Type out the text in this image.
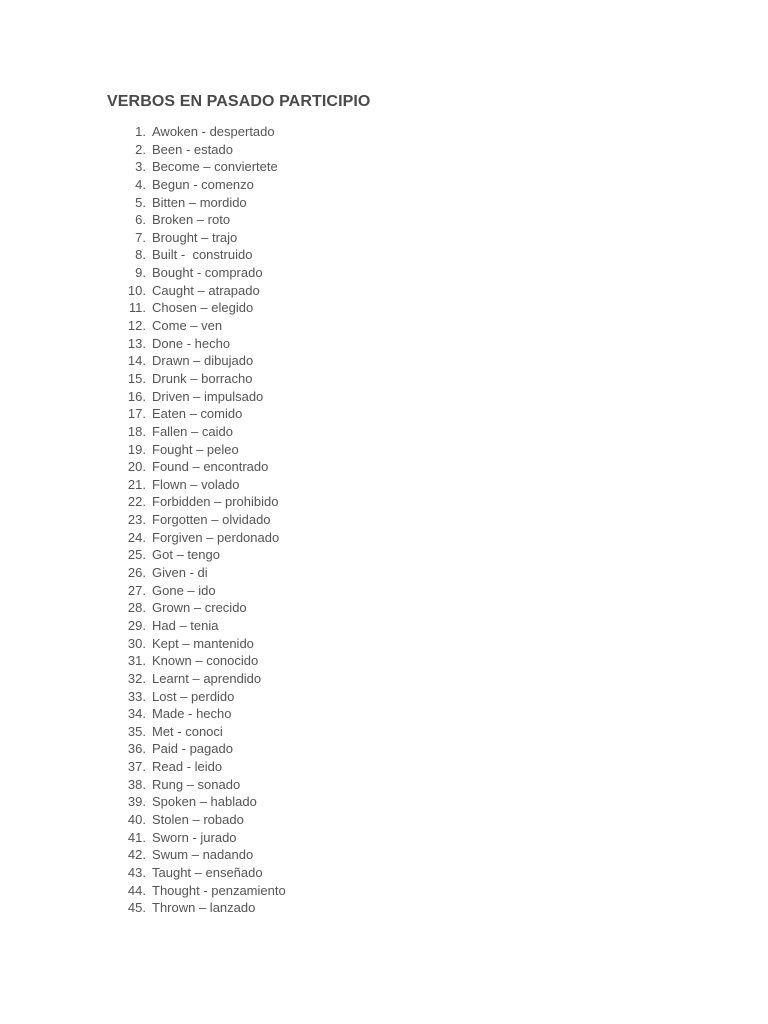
VERBOS EN PASADO PARTICIPIO
1. Awoken - despertado
2. Been - estado
3. Become – conviertete
4. Begun - comenzo
5. Bitten – mordido
6. Broken – roto
7. Brought – trajo
8. Built -  construido
9. Bought - comprado
10. Caught – atrapado
11. Chosen – elegido
12. Come – ven
13. Done - hecho
14. Drawn – dibujado
15. Drunk – borracho
16. Driven – impulsado
17. Eaten – comido
18. Fallen – caido
19. Fought – peleo
20. Found – encontrado
21. Flown – volado
22. Forbidden – prohibido
23. Forgotten – olvidado
24. Forgiven – perdonado
25. Got – tengo
26. Given - di
27. Gone – ido
28. Grown – crecido
29. Had – tenia
30. Kept – mantenido
31. Known – conocido
32. Learnt – aprendido
33. Lost – perdido
34. Made - hecho
35. Met - conoci
36. Paid - pagado
37. Read - leido
38. Rung – sonado
39. Spoken – hablado
40. Stolen – robado
41. Sworn - jurado
42. Swum – nadando
43. Taught – enseñado
44. Thought - penzamiento
45. Thrown – lanzado
